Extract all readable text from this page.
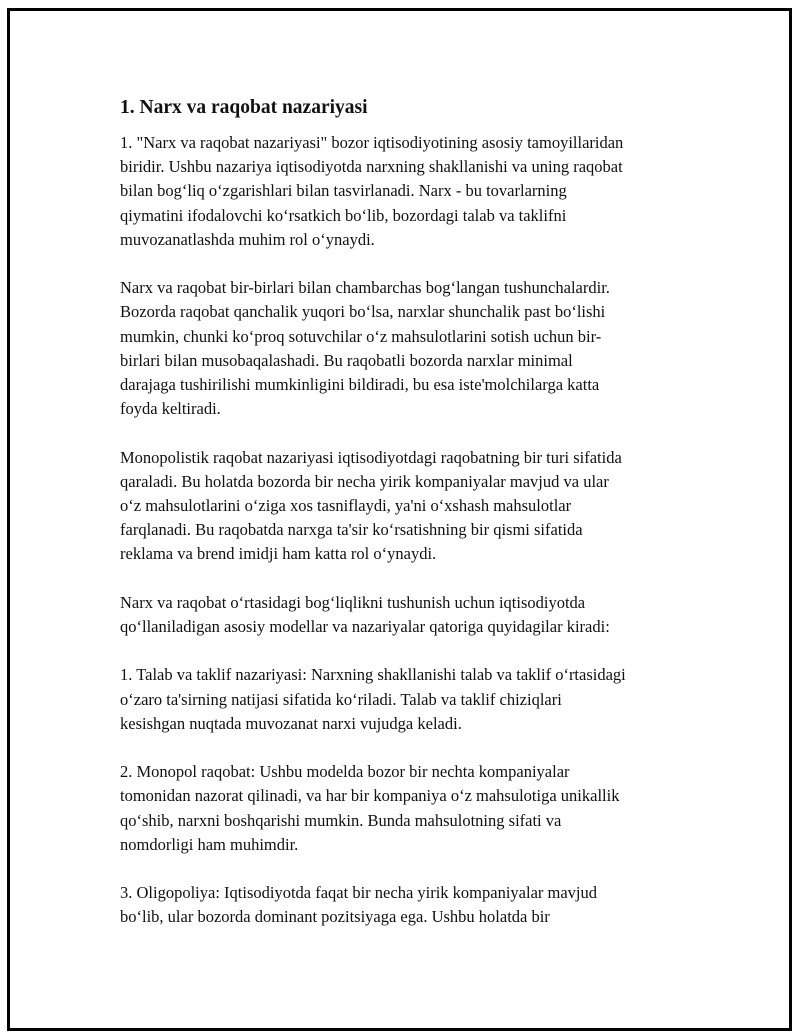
1. Narx va raqobat nazariyasi

1. "Narx va raqobat nazariyasi" bozor iqtisodiyotining asosiy tamoyillaridan
biridir. Ushbu nazariya iqtisodiyotda narxning shakllanishi va uning raqobat
bilan bog‘liq o‘zgarishlari bilan tasvirlanadi. Narx - bu tovarlarning
qiymatini ifodalovchi ko‘rsatkich bo‘lib, bozordagi talab va taklifni
muvozanatlashda muhim rol o‘ynaydi.

Narx va raqobat bir-birlari bilan chambarchas bog‘langan tushunchalardir.
Bozorda raqobat qanchalik yuqori bo‘lsa, narxlar shunchalik past bo‘lishi
mumkin, chunki ko‘proq sotuvchilar o‘z mahsulotlarini sotish uchun bir-
birlari bilan musobaqalashadi. Bu raqobatli bozorda narxlar minimal
darajaga tushirilishi mumkinligini bildiradi, bu esa iste'molchilarga katta
foyda keltiradi.

Monopolistik raqobat nazariyasi iqtisodiyotdagi raqobatning bir turi sifatida
qaraladi. Bu holatda bozorda bir necha yirik kompaniyalar mavjud va ular
o‘z mahsulotlarini o‘ziga xos tasniflaydi, ya'ni o‘xshash mahsulotlar
farqlanadi. Bu raqobatda narxga ta'sir ko‘rsatishning bir qismi sifatida
reklama va brend imidji ham katta rol o‘ynaydi.

Narx va raqobat o‘rtasidagi bog‘liqlikni tushunish uchun iqtisodiyotda
qo‘llaniladigan asosiy modellar va nazariyalar qatoriga quyidagilar kiradi:

1. Talab va taklif nazariyasi: Narxning shakllanishi talab va taklif o‘rtasidagi
o‘zaro ta'sirning natijasi sifatida ko‘riladi. Talab va taklif chiziqlari
kesishgan nuqtada muvozanat narxi vujudga keladi.

2. Monopol raqobat: Ushbu modelda bozor bir nechta kompaniyalar
tomonidan nazorat qilinadi, va har bir kompaniya o‘z mahsulotiga unikallik
qo‘shib, narxni boshqarishi mumkin. Bunda mahsulotning sifati va
nomdorligi ham muhimdir.

3. Oligopoliya: Iqtisodiyotda faqat bir necha yirik kompaniyalar mavjud
bo‘lib, ular bozorda dominant pozitsiyaga ega. Ushbu holatda bir
